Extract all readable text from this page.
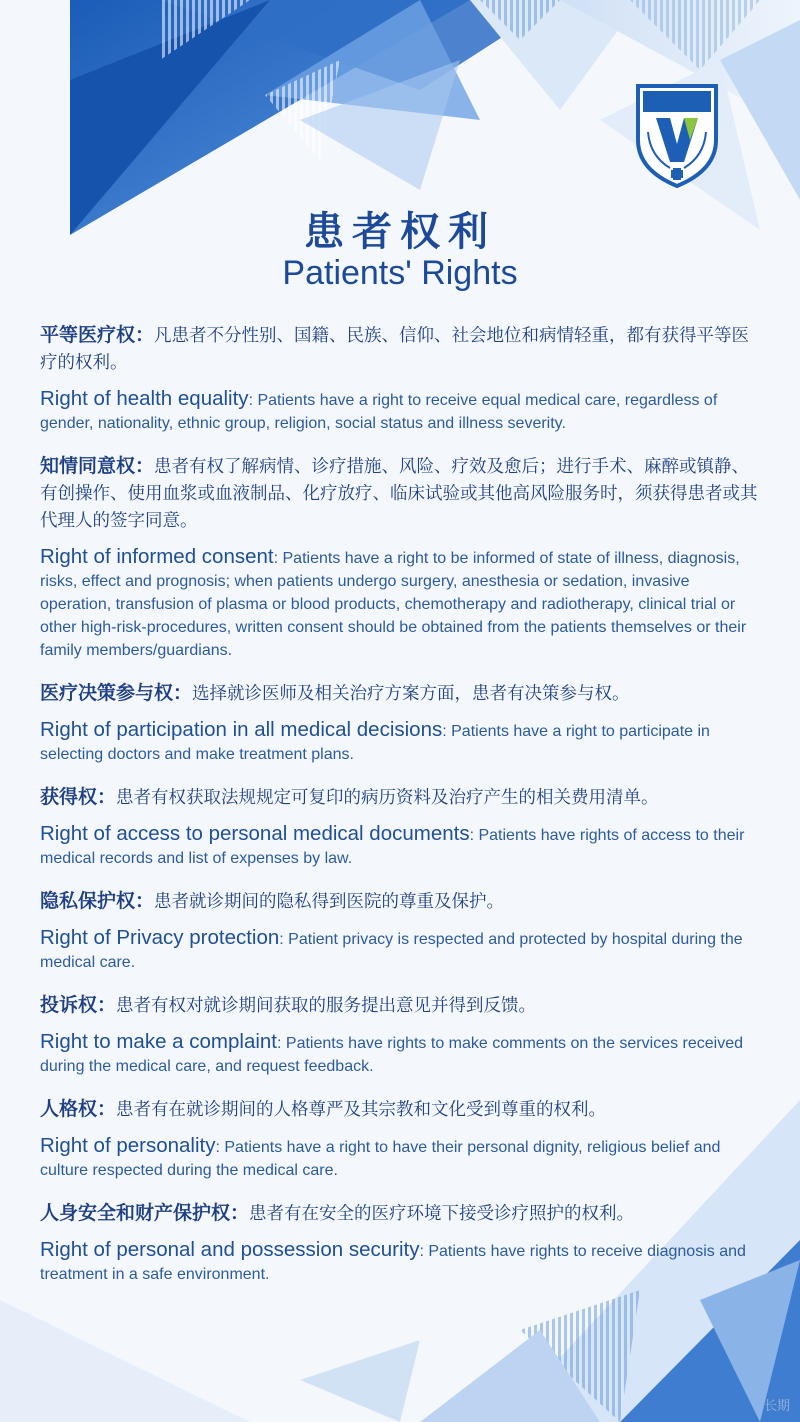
患者权利
Patients' Rights

平等医疗权：凡患者不分性别、国籍、民族、信仰、社会地位和病情轻重，都有获得平等医疗的权利。

Right of health equality: Patients have a right to receive equal medical care, regardless of gender, nationality, ethnic group, religion, social status and illness severity.

知情同意权：患者有权了解病情、诊疗措施、风险、疗效及愈后；进行手术、麻醉或镇静、有创操作、使用血浆或血液制品、化疗放疗、临床试验或其他高风险服务时，须获得患者或其代理人的签字同意。

Right of informed consent: Patients have a right to be informed of state of illness, diagnosis, risks, effect and prognosis; when patients undergo surgery, anesthesia or sedation, invasive operation, transfusion of plasma or blood products, chemotherapy and radiotherapy, clinical trial or other high-risk-procedures, written consent should be obtained from the patients themselves or their family members/guardians.

医疗决策参与权：选择就诊医师及相关治疗方案方面，患者有决策参与权。

Right of participation in all medical decisions: Patients have a right to participate in selecting doctors and make treatment plans.

获得权：患者有权获取法规规定可复印的病历资料及治疗产生的相关费用清单。

Right of access to personal medical documents: Patients have rights of access to their medical records and list of expenses by law.

隐私保护权：患者就诊期间的隐私得到医院的尊重及保护。

Right of Privacy protection: Patient privacy is respected and protected by hospital during the medical care.

投诉权：患者有权对就诊期间获取的服务提出意见并得到反馈。

Right to make a complaint: Patients have rights to make comments on the services received during the medical care, and request feedback.

人格权：患者有在就诊期间的人格尊严及其宗教和文化受到尊重的权利。

Right of personality: Patients have a right to have their personal dignity, religious belief and culture respected during the medical care.

人身安全和财产保护权：患者有在安全的医疗环境下接受诊疗照护的权利。

Right of personal and possession security: Patients have rights to receive diagnosis and treatment in a safe environment.

长期
